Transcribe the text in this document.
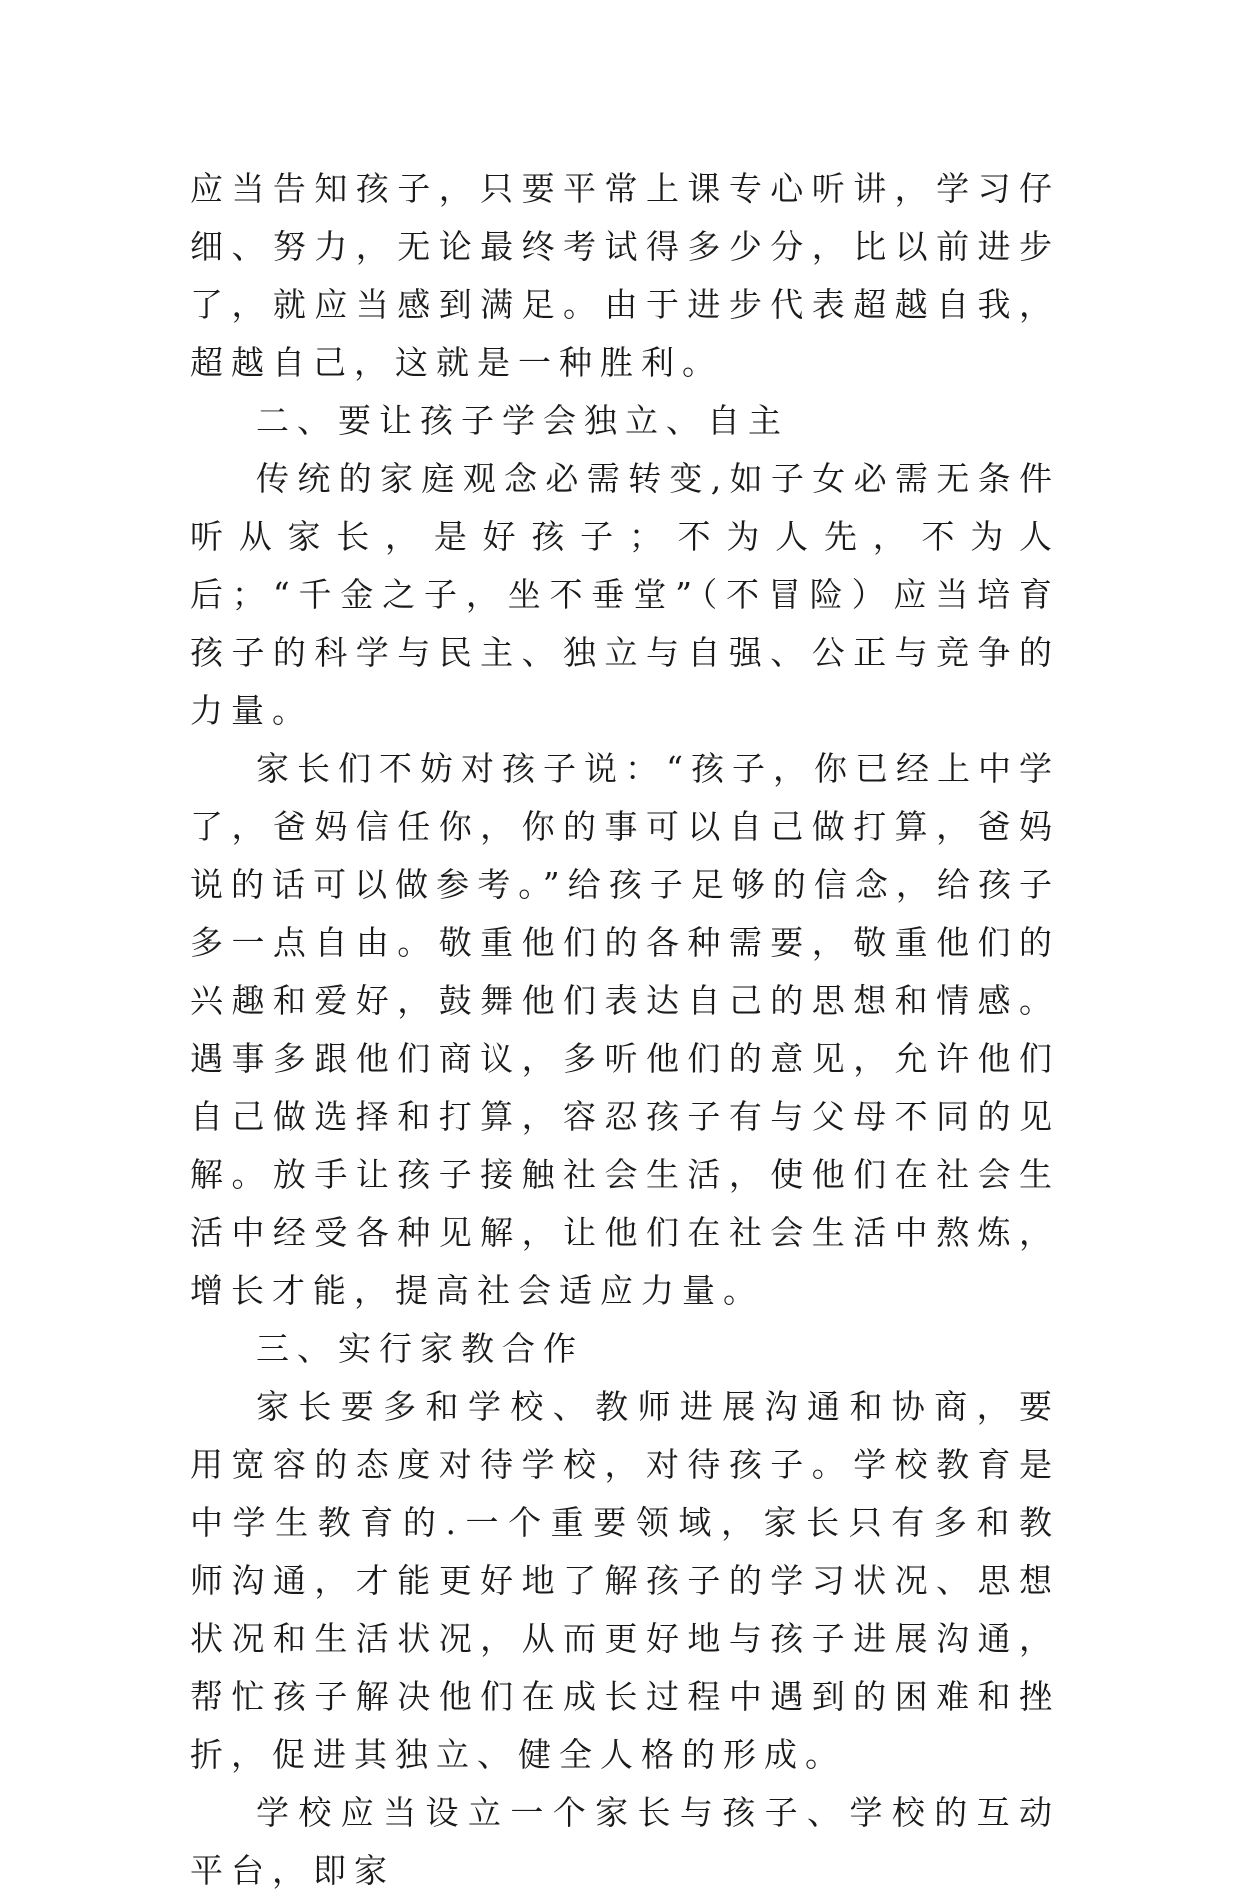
应当告知孩子，只要平常上课专心听讲，学习仔细、努力，无论最终考试得多少分，比以前进步了，就应当感到满足。由于进步代表超越自我，超越自己，这就是一种胜利。

二、要让孩子学会独立、自主

传统的家庭观念必需转变,如子女必需无条件听从家长，是好孩子；不为人先，不为人后；“千金之子，坐不垂堂”（不冒险）应当培育孩子的科学与民主、独立与自强、公正与竞争的力量。

家长们不妨对孩子说：“孩子，你已经上中学了，爸妈信任你，你的事可以自己做打算，爸妈说的话可以做参考。”给孩子足够的信念，给孩子多一点自由。敬重他们的各种需要，敬重他们的兴趣和爱好，鼓舞他们表达自己的思想和情感。遇事多跟他们商议，多听他们的意见，允许他们自己做选择和打算，容忍孩子有与父母不同的见解。放手让孩子接触社会生活，使他们在社会生活中经受各种见解，让他们在社会生活中熬炼，增长才能，提高社会适应力量。

三、实行家教合作

家长要多和学校、教师进展沟通和协商，要用宽容的态度对待学校，对待孩子。学校教育是中学生教育的.一个重要领域，家长只有多和教师沟通，才能更好地了解孩子的学习状况、思想状况和生活状况，从而更好地与孩子进展沟通，帮忙孩子解决他们在成长过程中遇到的困难和挫折，促进其独立、健全人格的形成。

学校应当设立一个家长与孩子、学校的互动平台，即家
